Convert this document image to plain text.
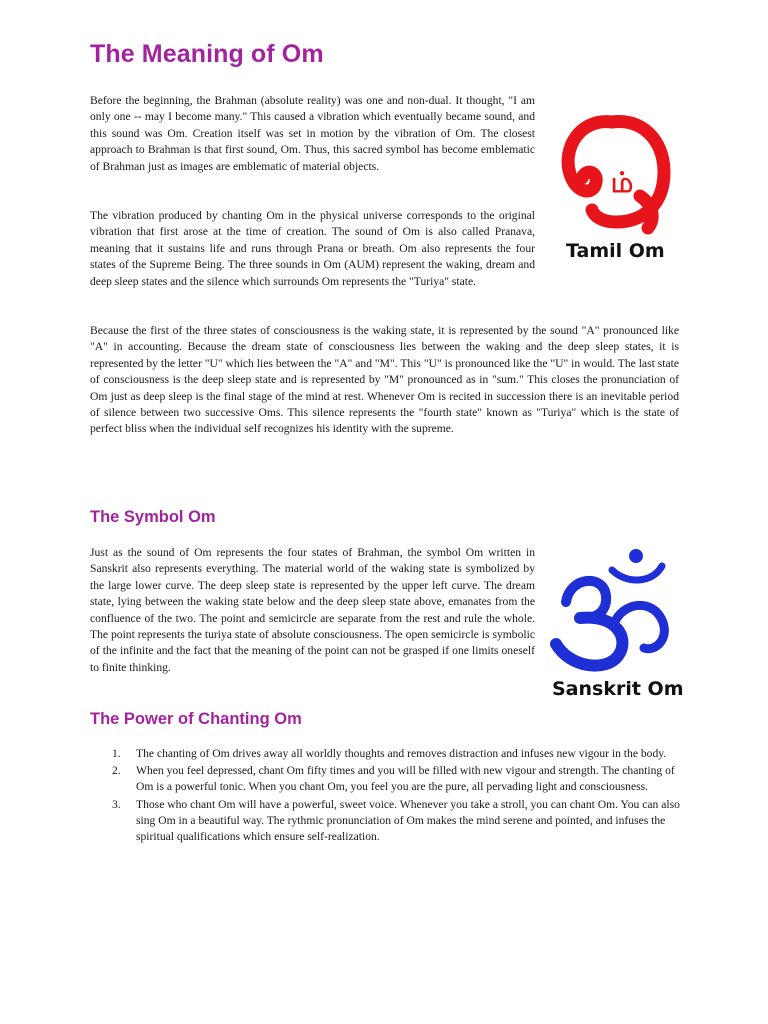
The Meaning of Om

Before the beginning, the Brahman (absolute reality) was one and non-dual. It thought, "I am only one -- may I become many." This caused a vibration which eventually became sound, and this sound was Om. Creation itself was set in motion by the vibration of Om. The closest approach to Brahman is that first sound, Om. Thus, this sacred symbol has become emblematic of Brahman just as images are emblematic of material objects.

The vibration produced by chanting Om in the physical universe corresponds to the original vibration that first arose at the time of creation. The sound of Om is also called Pranava, meaning that it sustains life and runs through Prana or breath. Om also represents the four states of the Supreme Being. The three sounds in Om (AUM) represent the waking, dream and deep sleep states and the silence which surrounds Om represents the "Turiya" state.

Because the first of the three states of consciousness is the waking state, it is represented by the sound "A" pronounced like "A" in accounting. Because the dream state of consciousness lies between the waking and the deep sleep states, it is represented by the letter "U" which lies between the "A" and "M". This "U" is pronounced like the "U" in would. The last state of consciousness is the deep sleep state and is represented by "M" pronounced as in "sum." This closes the pronunciation of Om just as deep sleep is the final stage of the mind at rest. Whenever Om is recited in succession there is an inevitable period of silence between two successive Oms. This silence represents the "fourth state" known as "Turiya" which is the state of perfect bliss when the individual self recognizes his identity with the supreme.

ம்
Tamil Om
The Symbol Om

Just as the sound of Om represents the four states of Brahman, the symbol Om written in Sanskrit also represents everything. The material world of the waking state is symbolized by the large lower curve. The deep sleep state is represented by the upper left curve. The dream state, lying between the waking state below and the deep sleep state above, emanates from the confluence of the two. The point and semicircle are separate from the rest and rule the whole. The point represents the turiya state of absolute consciousness. The open semicircle is symbolic of the infinite and the fact that the meaning of the point can not be grasped if one limits oneself to finite thinking.

Sanskrit Om
The Power of Chanting Om
1. The chanting of Om drives away all worldly thoughts and removes distraction and infuses new vigour in the body.
2. When you feel depressed, chant Om fifty times and you will be filled with new vigour and strength. The chanting of Om is a powerful tonic. When you chant Om, you feel you are the pure, all pervading light and consciousness.
3. Those who chant Om will have a powerful, sweet voice. Whenever you take a stroll, you can chant Om. You can also sing Om in a beautiful way. The rythmic pronunciation of Om makes the mind serene and pointed, and infuses the spiritual qualifications which ensure self-realization.
